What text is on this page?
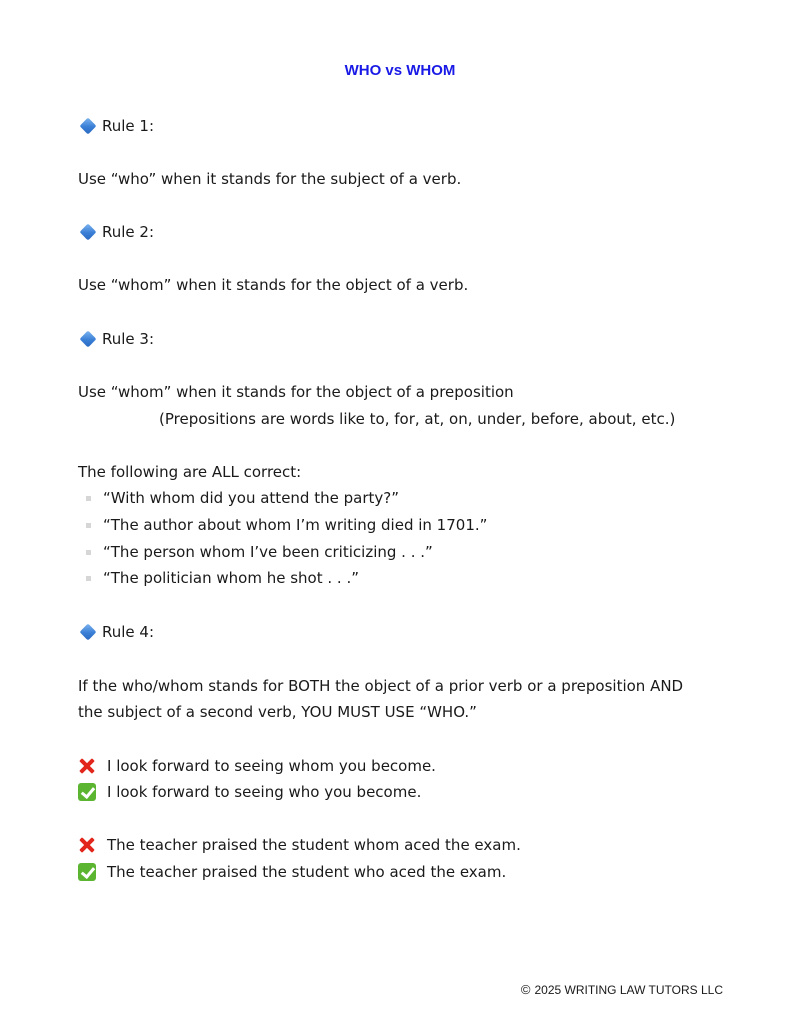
WHO vs WHOM
Rule 1:
Use “who” when it stands for the subject of a verb.
Rule 2:
Use “whom” when it stands for the object of a verb.
Rule 3:
Use “whom” when it stands for the object of a preposition
(Prepositions are words like to, for, at, on, under, before, about, etc.)
The following are ALL correct:
“With whom did you attend the party?”
“The author about whom I’m writing died in 1701.”
“The person whom I’ve been criticizing . . .”
“The politician whom he shot . . .”
Rule 4:
If the who/whom stands for BOTH the object of a prior verb or a preposition AND
the subject of a second verb, YOU MUST USE “WHO.”
I look forward to seeing whom you become.
I look forward to seeing who you become.
The teacher praised the student whom aced the exam.
The teacher praised the student who aced the exam.
© 2025 WRITING LAW TUTORS LLC
